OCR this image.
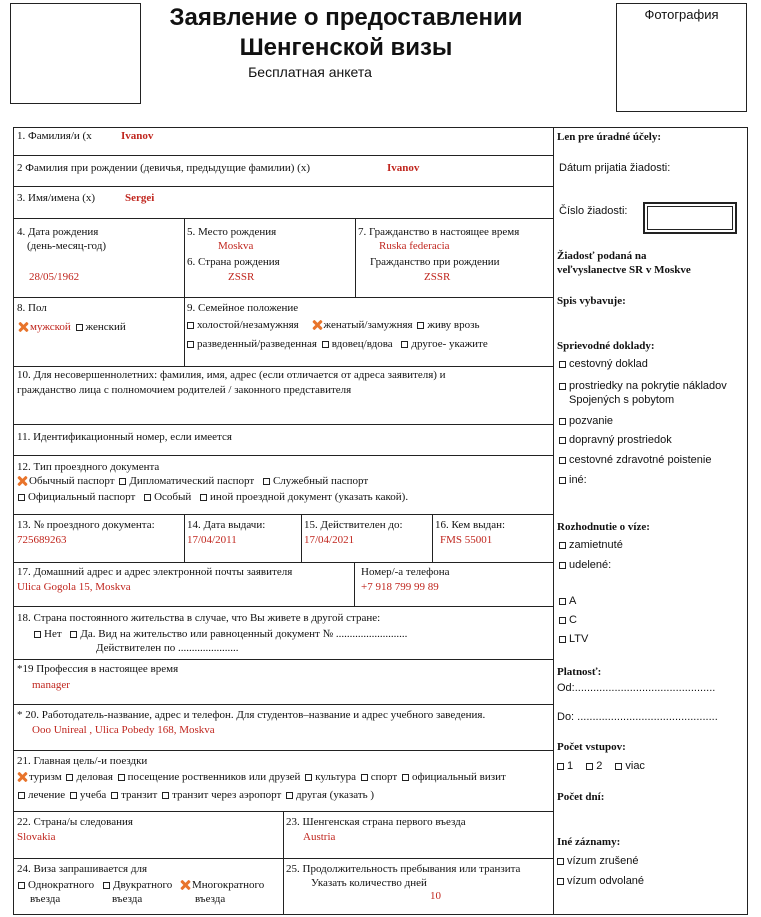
Фотография
Заявление о предоставлении
Шенгенской визы
Бесплатная анкета
1. Фамилия/и (x	Ivanov
2 Фамилия при рождении (девичья, предыдущие фамилии) (x)	Ivanov
3. Имя/имена (x)	Sergei
4. Дата рождения
(день-месяц-год)
28/05/1962
5. Место рождения
Moskva
6. Страна рождения
ZSSR
7. Гражданство в настоящее время
Ruska federacia
Гражданство при рождении
ZSSR
8. Пол
мужской женский
9. Семейное положение
холостой/незамужняя женатый/замужняя живу врозь
разведенный/разведенная вдовец/вдова другое- укажите
10. Для несовершеннолетних: фамилия, имя, адрес (если отличается от адреса заявителя) и
гражданство лица с полномочием родителей / законного представителя
11. Идентификационный номер, если имеется
12. Тип проездного документа
Обычный паспорт Дипломатический паспорт Служебный паспорт
Официальный паспорт Особый иной проездной документ (указать какой).
13. № проездного документа:
725689263
14. Дата выдачи:
17/04/2011
15. Действителен до:
17/04/2021
16. Кем выдан:
FMS 55001
17. Домашний адрес и адрес электронной почты заявителя
Ulica Gogola 15, Moskva
Номер/-а телефона
+7 918 799 99 89
18. Страна постоянного жительства в случае, что Вы живете в другой стране:
Нет Да. Вид на жительство или равноценный документ № ..........................
Действителен по ......................
*19 Профессия в настоящее время
manager
* 20. Работодатель-название, адрес и телефон. Для студентов–название и адрес учебного заведения.
Ooo Unireal , Ulica Pobedy 168, Moskva
21. Главная цель/-и поездки
туризм деловая посещение роственников или друзей культура спорт официальный визит
лечение учеба транзит транзит через аэропорт другая (указать )
22. Страна/ы следования
Slovakia
23. Шенгенская страна первого въезда
Austria
24. Виза запрашивается для
Однократного
въезда
Двукратного
въезда
Многократного
въезда
25. Продолжительность пребывания или транзита
Указать количество дней
10
Len pre úradné účely:
Dátum prijatia žiadosti:
Číslo žiadosti:
Žiadosť podaná na
veľvyslanectve SR v Moskve
Spis vybavuje:
Sprievodné doklady:
cestovný doklad
prostriedky na pokrytie nákladov
Spojených s pobytom
pozvanie
dopravný prostriedok
cestovné zdravotné poistenie
iné:
Rozhodnutie o víze:
zamietnuté
udelené:
A
C
LTV
Platnosť:
Od:..............................................
Do: ..............................................
Počet vstupov:
1 2 viac
Počet dní:
Iné záznamy:
vízum zrušené
vízum odvolané
